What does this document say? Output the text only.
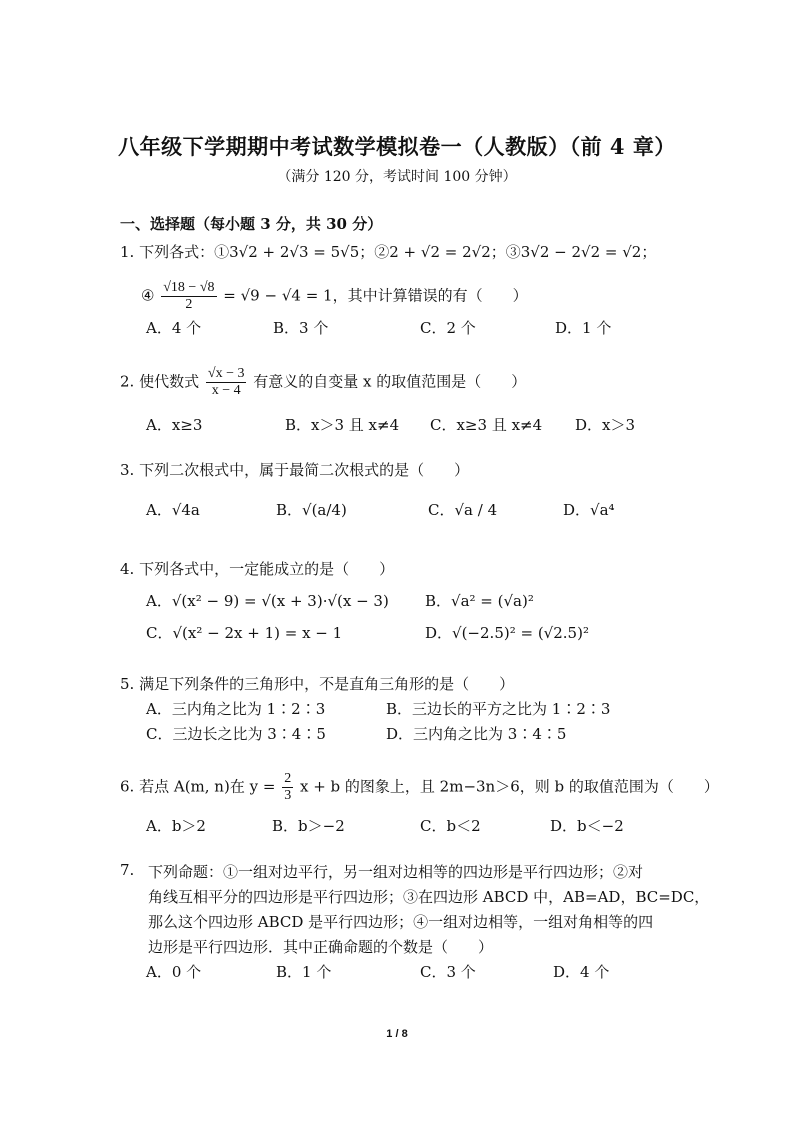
八年级下学期期中考试数学模拟卷一（人教版）（前 4 章）
（满分 120 分，考试时间 100 分钟）
一、选择题（每小题 3 分，共 30 分）
1. 下列各式：①3√2 + 2√3 = 5√5；②2 + √2 = 2√2；③3√2 − 2√2 = √2；
④ $\frac{√18 - √8}{2} = √9 - √4 = 1$，其中计算错误的有（　　）
A．4 个	B．3 个	C．2 个	D．1 个
2. 使代数式 $\frac{√x - 3}{x - 4}$ 有意义的自变量 x 的取值范围是（　　）
A．x≥3	B．x＞3 且 x≠4 C．x≥3 且 x≠4 D．x＞3
3. 下列二次根式中，属于最简二次根式的是（　　）
A．√4a	B．√(a/4)	C．√a / 4	D．√a⁴
4. 下列各式中，一定能成立的是（　　）
A．√(x² − 9) = √(x + 3)·√(x − 3) B．√a² = (√a)²
C．√(x² − 2x + 1) = x − 1	D．√(−2.5)² = (√2.5)²
5. 满足下列条件的三角形中，不是直角三角形的是（　　）
A．三内角之比为 1∶2∶3	B．三边长的平方之比为 1∶2∶3
C．三边长之比为 3∶4∶5	D．三内角之比为 3∶4∶5
6. 若点 A(m, n)在 $y = \frac{2}{3}$ x + b 的图象上，且 2m−3n＞6，则 b 的取值范围为（　　）
A．b＞2	B．b＞−2	C．b＜2	D．b＜−2
7. 下列命题：①一组对边平行，另一组对边相等的四边形是平行四边形；②对
角线互相平分的四边形是平行四边形；③在四边形 ABCD 中，AB=AD，BC=DC，
那么这个四边形 ABCD 是平行四边形；④一组对边相等，一组对角相等的四
边形是平行四边形．其中正确命题的个数是（　　）
A．0 个	B．1 个	C．3 个	D．4 个
1 / 8
